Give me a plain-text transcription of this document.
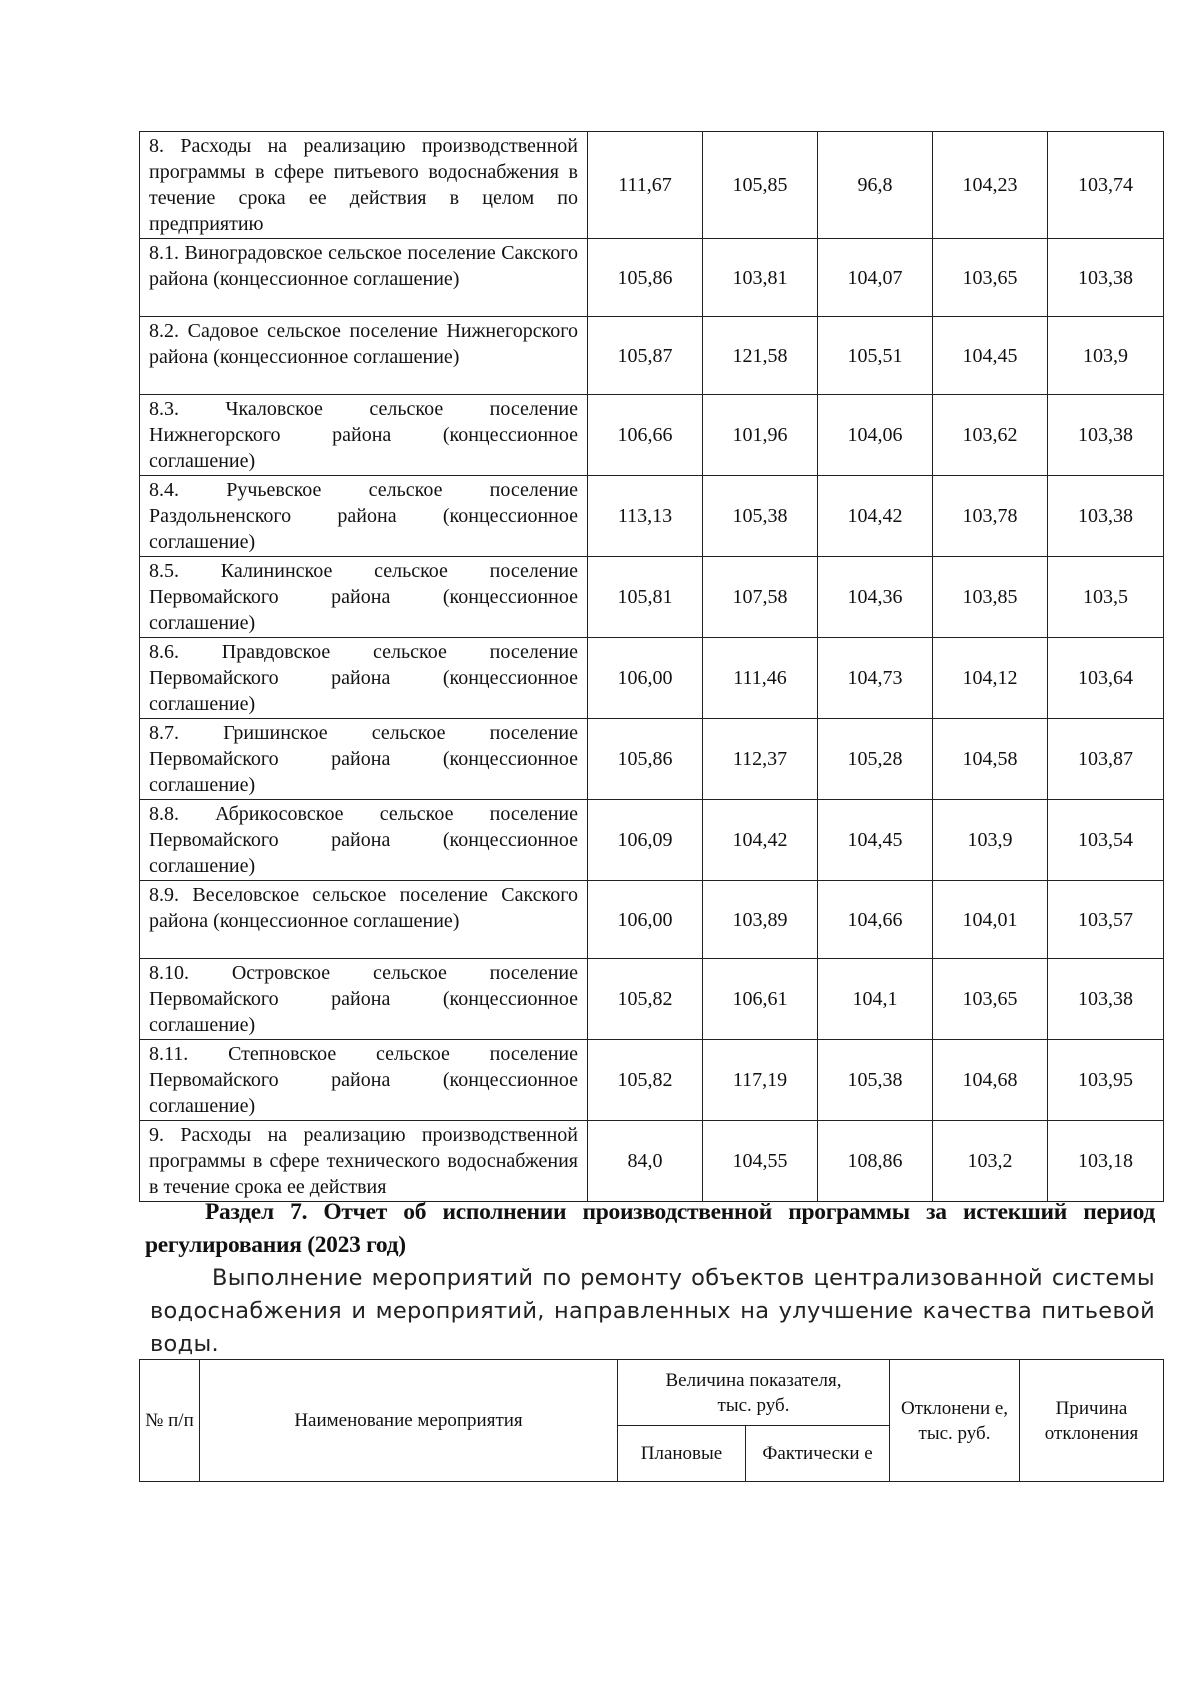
8. Расходы на реализацию производственной программы в сфере питьевого водоснабжения в течение срока ее действия в целом по предприятию	111,67	105,85	96,8	104,23	103,74
8.1. Виноградовское сельское поселение Сакского района (концессионное соглашение)	105,86	103,81	104,07	103,65	103,38
8.2. Садовое сельское поселение Нижнегорского района (концессионное соглашение)	105,87	121,58	105,51	104,45	103,9
8.3. Чкаловское сельское поселение Нижнегорского района (концессионное соглашение)	106,66	101,96	104,06	103,62	103,38
8.4. Ручьевское сельское поселение Раздольненского района (концессионное соглашение)	113,13	105,38	104,42	103,78	103,38
8.5. Калининское сельское поселение Первомайского района (концессионное соглашение)	105,81	107,58	104,36	103,85	103,5
8.6. Правдовское сельское поселение Первомайского района (концессионное соглашение)	106,00	111,46	104,73	104,12	103,64
8.7. Гришинское сельское поселение Первомайского района (концессионное соглашение)	105,86	112,37	105,28	104,58	103,87
8.8. Абрикосовское сельское поселение Первомайского района (концессионное соглашение)	106,09	104,42	104,45	103,9	103,54
8.9. Веселовское сельское поселение Сакского района (концессионное соглашение)	106,00	103,89	104,66	104,01	103,57
8.10. Островское сельское поселение Первомайского района (концессионное соглашение)	105,82	106,61	104,1	103,65	103,38
8.11. Степновское сельское поселение Первомайского района (концессионное соглашение)	105,82	117,19	105,38	104,68	103,95
9. Расходы на реализацию производственной программы в сфере технического водоснабжения в течение срока ее действия	84,0	104,55	108,86	103,2	103,18
Раздел 7. Отчет об исполнении производственной программы за истекший период регулирования (2023 год)
Выполнение мероприятий по ремонту объектов централизованной системы водоснабжения и мероприятий, направленных на улучшение качества питьевой воды.
№ п/п	Наименование мероприятия	Величина показателя, тыс. руб.		Отклонени е, тыс. руб.	Причина отклонения
		Плановые	Фактически е		
